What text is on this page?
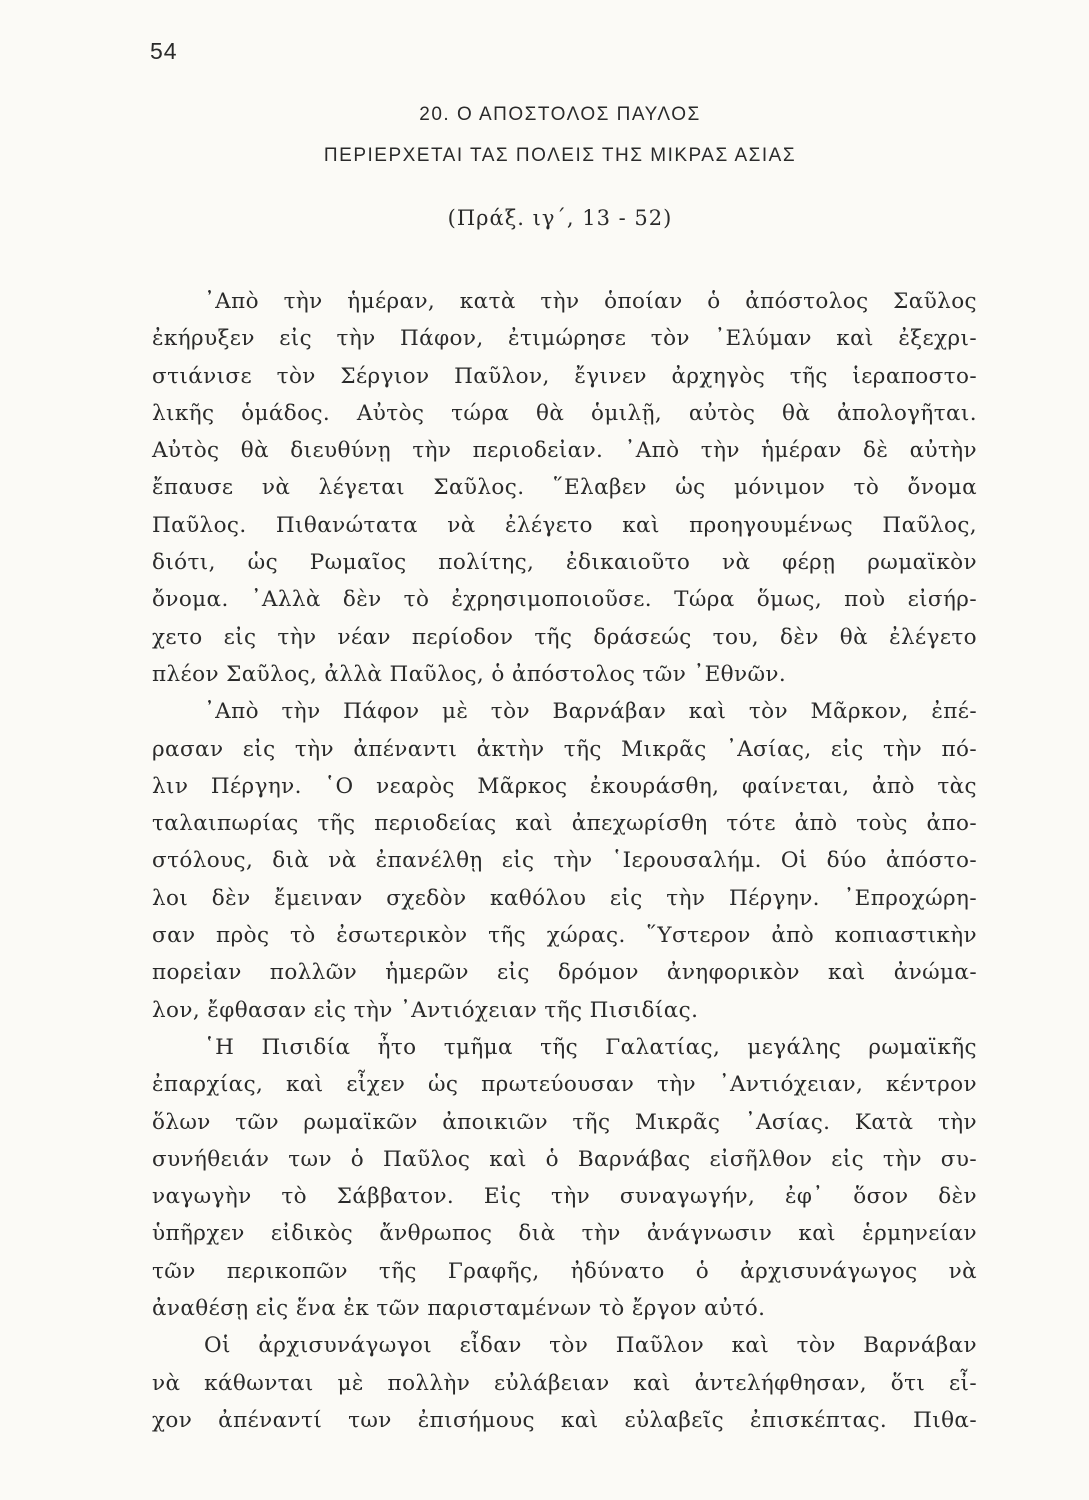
54
20. Ο ΑΠΟΣΤΟΛΟΣ ΠΑΥΛΟΣ
ΠΕΡΙΕΡΧΕΤΑΙ ΤΑΣ ΠΟΛΕΙΣ ΤΗΣ ΜΙΚΡΑΣ ΑΣΙΑΣ
(Πράξ. ιγ΄, 13 - 52)
᾿Απὸ τὴν ἡμέραν, κατὰ τὴν ὁποίαν ὁ ἀπόστολος Σαῦλος
ἐκήρυξεν εἰς τὴν Πάφον, ἐτιμώρησε τὸν ᾿Ελύμαν καὶ ἐξεχρι-
στιάνισε τὸν Σέργιον Παῦλον, ἔγινεν ἀρχηγὸς τῆς ἱεραποστο-
λικῆς ὁμάδος. Αὐτὸς τώρα θὰ ὁμιλῇ, αὐτὸς θὰ ἀπολογῆται.
Αὐτὸς θὰ διευθύνῃ τὴν περιοδεἰαν. ᾿Απὸ τὴν ἡμέραν δὲ αὐτὴν
ἔπαυσε νὰ λέγεται Σαῦλος. ῞Ελαβεν ὡς μόνιμον τὸ ὄνομα
Παῦλος. Πιθανώτατα νὰ ἐλέγετο καὶ προηγουμένως Παῦλος,
διότι, ὡς Ρωμαῖος πολίτης, ἐδικαιοῦτο νὰ φέρῃ ρωμαϊκὸν
ὄνομα. ᾿Αλλὰ δὲν τὸ ἐχρησιμοποιοῦσε. Τώρα ὅμως, ποὺ εἰσήρ-
χετο εἰς τὴν νέαν περίοδον τῆς δράσεώς του, δὲν θὰ ἐλέγετο
πλέον Σαῦλος, ἀλλὰ Παῦλος, ὁ ἀπόστολος τῶν ᾿Εθνῶν.
᾿Απὸ τὴν Πάφον μὲ τὸν Βαρνάβαν καὶ τὸν Μᾶρκον, ἐπέ-
ρασαν εἰς τὴν ἀπέναντι ἀκτὴν τῆς Μικρᾶς ᾿Ασίας, εἰς τὴν πό-
λιν Πέργην. ῾Ο νεαρὸς Μᾶρκος ἐκουράσθη, φαίνεται, ἀπὸ τὰς
ταλαιπωρίας τῆς περιοδείας καὶ ἀπεχωρίσθη τότε ἀπὸ τοὺς ἀπο-
στόλους, διὰ νὰ ἐπανέλθῃ εἰς τὴν ῾Ιερουσαλήμ. Οἱ δύο ἀπόστο-
λοι δὲν ἔμειναν σχεδὸν καθόλου εἰς τὴν Πέργην. ᾿Επροχώρη-
σαν πρὸς τὸ ἐσωτερικὸν τῆς χώρας. ῞Υστερον ἀπὸ κοπιαστικὴν
πορεἰαν πολλῶν ἡμερῶν εἰς δρόμον ἀνηφορικὸν καὶ ἀνώμα-
λον, ἔφθασαν εἰς τὴν ᾿Αντιόχειαν τῆς Πισιδίας.
῾Η Πισιδία ἦτο τμῆμα τῆς Γαλατίας, μεγάλης ρωμαϊκῆς
ἐπαρχίας, καὶ εἶχεν ὡς πρωτεύουσαν τὴν ᾿Αντιόχειαν, κέντρον
ὅλων τῶν ρωμαϊκῶν ἀποικιῶν τῆς Μικρᾶς ᾿Ασίας. Κατὰ τὴν
συνήθειάν των ὁ Παῦλος καὶ ὁ Βαρνάβας εἰσῆλθον εἰς τὴν συ-
ναγωγὴν τὸ Σάββατον. Εἰς τὴν συναγωγήν, ἐφ᾿ ὅσον δὲν
ὑπῆρχεν εἰδικὸς ἄνθρωπος διὰ τὴν ἀνάγνωσιν καὶ ἑρμηνείαν
τῶν περικοπῶν τῆς Γραφῆς, ἠδύνατο ὁ ἀρχισυνάγωγος νὰ
ἀναθέσῃ εἰς ἕνα ἐκ τῶν παρισταμένων τὸ ἔργον αὐτό.
Οἱ ἀρχισυνάγωγοι εἶδαν τὸν Παῦλον καὶ τὸν Βαρνάβαν
νὰ κάθωνται μὲ πολλὴν εὐλάβειαν καὶ ἀντελήφθησαν, ὅτι εἶ-
χον ἀπέναντί των ἐπισήμους καὶ εὐλαβεῖς ἐπισκέπτας. Πιθα-
